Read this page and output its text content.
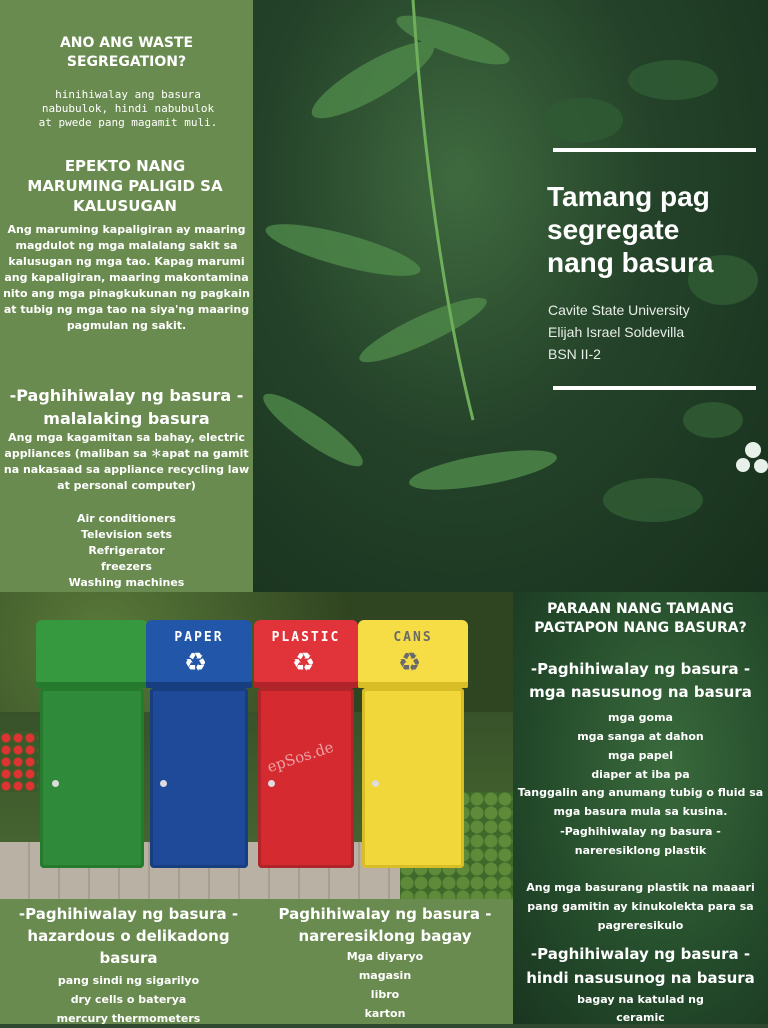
Tamang pag segregate nang basura
Cavite State University
Elijah Israel Soldevilla
BSN II-2
ANO ANG WASTE SEGREGATION?
hinihiwalay ang basura nabubulok, hindi nabubulok at pwede pang magamit muli.
EPEKTO NANG MARUMING PALIGID SA KALUSUGAN
Ang maruming kapaligiran ay maaring magdulot ng mga malalang sakit sa kalusugan ng mga tao. Kapag marumi ang kapaligiran, maaring makontamina nito ang mga pinagkukunan ng pagkain at tubig ng mga tao na siya'ng maaring pagmulan ng sakit.
-Paghihiwalay ng basura - malalaking basura
Ang mga kagamitan sa bahay, electric appliances (maliban sa ＊apat na gamit na nakasaad sa appliance recycling law at personal computer)
Air conditioners
Television sets
Refrigerator
freezers
Washing machines
PAPER
♻
PLASTIC
♻
epSos.de
CANS
♻
PARAAN NANG TAMANG PAGTAPON NANG BASURA?
-Paghihiwalay ng basura - mga nasusunog na basura
mga goma
mga sanga at dahon
mga papel
diaper at iba pa
Tanggalin ang anumang tubig o fluid sa mga basura mula sa kusina.
-Paghihiwalay ng basura - nareresiklong plastik
Ang mga basurang plastik na maaari pang gamitin ay kinukolekta para sa pagreresikulo
-Paghihiwalay ng basura - hindi nasusunog na basura
bagay na katulad ng
ceramic
-Paghihiwalay ng basura - hazardous o delikadong basura
pang sindi ng sigarilyo
dry cells o baterya
mercury thermometers
Paghihiwalay ng basura - nareresiklong bagay
Mga diyaryo
magasin
libro
karton
